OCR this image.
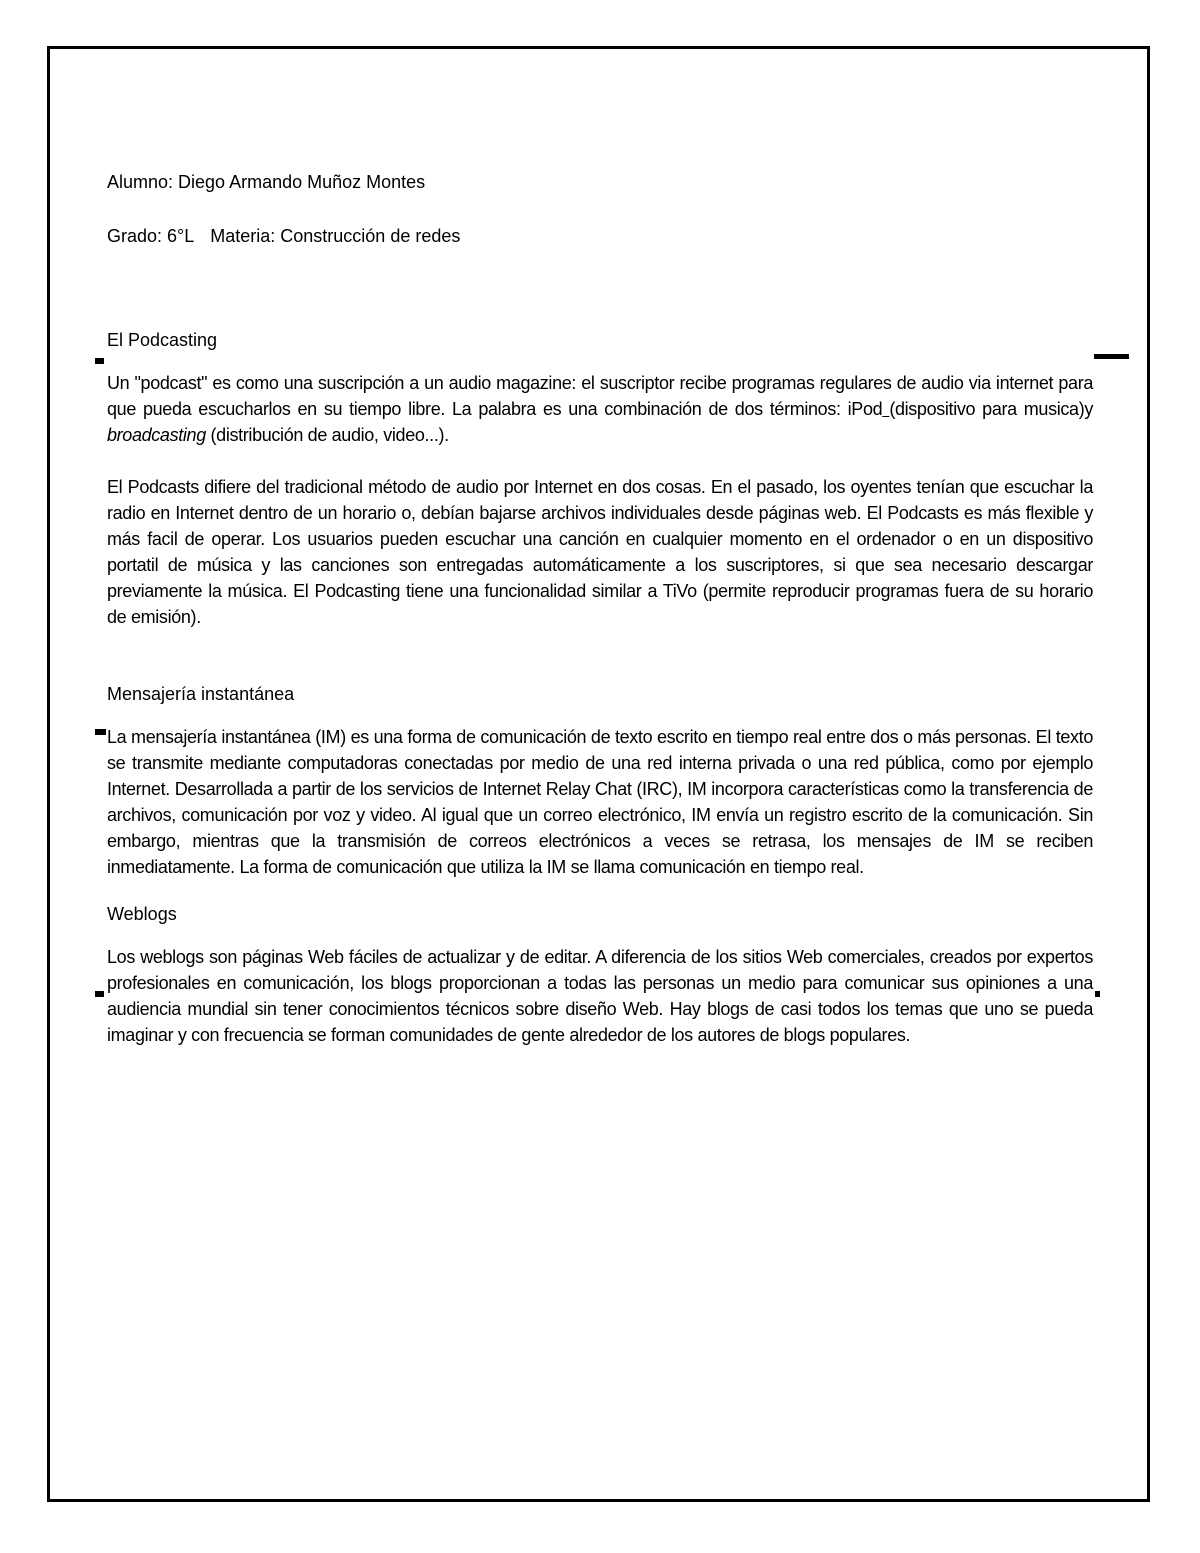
Alumno: Diego Armando Muñoz Montes

Grado: 6°L Materia: Construcción de redes

El Podcasting

Un "podcast" es como una suscripción a un audio magazine: el suscriptor recibe programas regulares de audio via internet para que pueda escucharlos en su tiempo libre. La palabra es una combinación de dos términos: iPod (dispositivo para musica)y broadcasting (distribución de audio, video...).

El Podcasts difiere del tradicional método de audio por Internet en dos cosas. En el pasado, los oyentes tenían que escuchar la radio en Internet dentro de un horario o, debían bajarse archivos individuales desde páginas web. El Podcasts es más flexible y más facil de operar. Los usuarios pueden escuchar una canción en cualquier momento en el ordenador o en un dispositivo portatil de música y las canciones son entregadas automáticamente a los suscriptores, si que sea necesario descargar previamente la música. El Podcasting tiene una funcionalidad similar a TiVo (permite reproducir programas fuera de su horario de emisión).

Mensajería instantánea

La mensajería instantánea (IM) es una forma de comunicación de texto escrito en tiempo real entre dos o más personas. El texto se transmite mediante computadoras conectadas por medio de una red interna privada o una red pública, como por ejemplo Internet. Desarrollada a partir de los servicios de Internet Relay Chat (IRC), IM incorpora características como la transferencia de archivos, comunicación por voz y video. Al igual que un correo electrónico, IM envía un registro escrito de la comunicación. Sin embargo, mientras que la transmisión de correos electrónicos a veces se retrasa, los mensajes de IM se reciben inmediatamente. La forma de comunicación que utiliza la IM se llama comunicación en tiempo real.

Weblogs

Los weblogs son páginas Web fáciles de actualizar y de editar. A diferencia de los sitios Web comerciales, creados por expertos profesionales en comunicación, los blogs proporcionan a todas las personas un medio para comunicar sus opiniones a una audiencia mundial sin tener conocimientos técnicos sobre diseño Web. Hay blogs de casi todos los temas que uno se pueda imaginar y con frecuencia se forman comunidades de gente alrededor de los autores de blogs populares.
